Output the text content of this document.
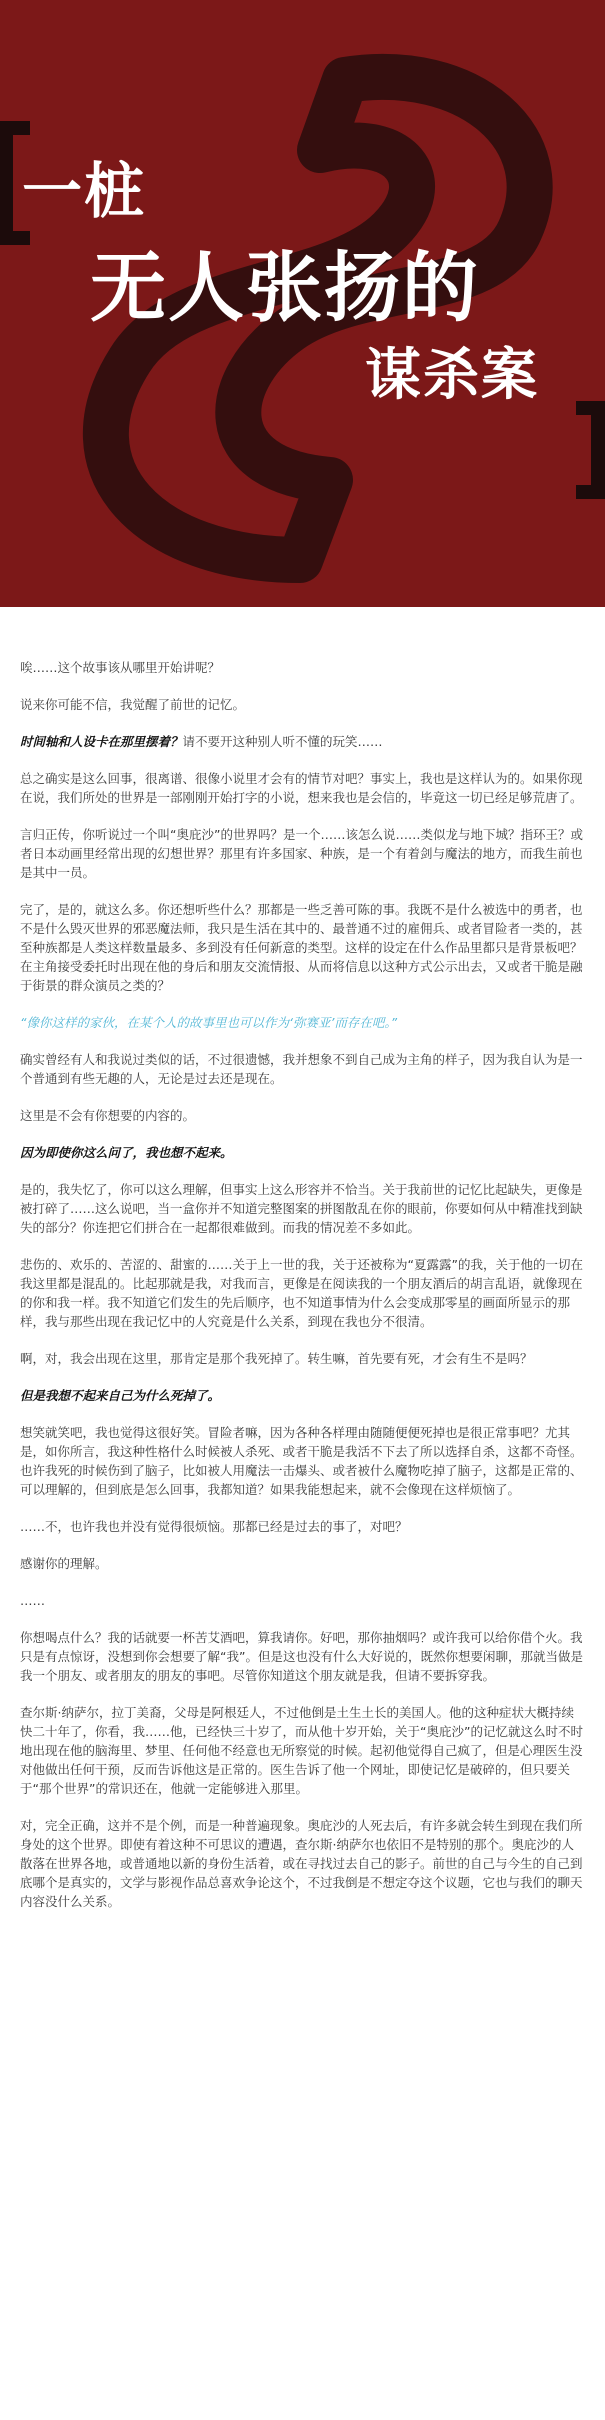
一桩
无人张扬的
谋杀案

唉……这个故事该从哪里开始讲呢？

说来你可能不信，我觉醒了前世的记忆。

时间轴和人设卡在那里摆着？请不要开这种别人听不懂的玩笑……

总之确实是这么回事，很离谱、很像小说里才会有的情节对吧？事实上，我也是这样认为的。如果你现在说，我们所处的世界是一部刚刚开始打字的小说，想来我也是会信的，毕竟这一切已经足够荒唐了。

言归正传，你听说过一个叫“奥庇沙”的世界吗？是一个……该怎么说……类似龙与地下城？指环王？或者日本动画里经常出现的幻想世界？那里有许多国家、种族，是一个有着剑与魔法的地方，而我生前也是其中一员。

完了，是的，就这么多。你还想听些什么？那都是一些乏善可陈的事。我既不是什么被选中的勇者，也不是什么毁灭世界的邪恶魔法师，我只是生活在其中的、最普通不过的雇佣兵、或者冒险者一类的，甚至种族都是人类这样数量最多、多到没有任何新意的类型。这样的设定在什么作品里都只是背景板吧？在主角接受委托时出现在他的身后和朋友交流情报、从而将信息以这种方式公示出去，又或者干脆是融于街景的群众演员之类的？

“像你这样的家伙，在某个人的故事里也可以作为‘弥赛亚’而存在吧。”

确实曾经有人和我说过类似的话，不过很遗憾，我并想象不到自己成为主角的样子，因为我自认为是一个普通到有些无趣的人，无论是过去还是现在。

这里是不会有你想要的内容的。

因为即使你这么问了，我也想不起来。

是的，我失忆了，你可以这么理解，但事实上这么形容并不恰当。关于我前世的记忆比起缺失，更像是被打碎了……这么说吧，当一盒你并不知道完整图案的拼图散乱在你的眼前，你要如何从中精准找到缺失的部分？你连把它们拼合在一起都很难做到。而我的情况差不多如此。

悲伤的、欢乐的、苦涩的、甜蜜的……关于上一世的我，关于还被称为“夏露露”的我，关于他的一切在我这里都是混乱的。比起那就是我，对我而言，更像是在阅读我的一个朋友酒后的胡言乱语，就像现在的你和我一样。我不知道它们发生的先后顺序，也不知道事情为什么会变成那零星的画面所显示的那样，我与那些出现在我记忆中的人究竟是什么关系，到现在我也分不很清。

啊，对，我会出现在这里，那肯定是那个我死掉了。转生嘛，首先要有死，才会有生不是吗？

但是我想不起来自己为什么死掉了。

想笑就笑吧，我也觉得这很好笑。冒险者嘛，因为各种各样理由随随便便死掉也是很正常事吧？尤其是，如你所言，我这种性格什么时候被人杀死、或者干脆是我活不下去了所以选择自杀，这都不奇怪。也许我死的时候伤到了脑子，比如被人用魔法一击爆头、或者被什么魔物吃掉了脑子，这都是正常的、可以理解的，但到底是怎么回事，我都知道？如果我能想起来，就不会像现在这样烦恼了。

……不，也许我也并没有觉得很烦恼。那都已经是过去的事了，对吧？

感谢你的理解。

……

你想喝点什么？我的话就要一杯苦艾酒吧，算我请你。好吧，那你抽烟吗？或许我可以给你借个火。我只是有点惊讶，没想到你会想要了解“我”。但是这也没有什么大好说的，既然你想要闲聊，那就当做是我一个朋友、或者朋友的朋友的事吧。尽管你知道这个朋友就是我，但请不要拆穿我。

查尔斯·纳萨尔，拉丁美裔，父母是阿根廷人，不过他倒是土生土长的美国人。他的这种症状大概持续快二十年了，你看，我……他，已经快三十岁了，而从他十岁开始，关于“奥庇沙”的记忆就这么时不时地出现在他的脑海里、梦里、任何他不经意也无所察觉的时候。起初他觉得自己疯了，但是心理医生没对他做出任何干预，反而告诉他这是正常的。医生告诉了他一个网址，即使记忆是破碎的，但只要关于“那个世界”的常识还在，他就一定能够进入那里。

对，完全正确，这并不是个例，而是一种普遍现象。奥庇沙的人死去后，有许多就会转生到现在我们所身处的这个世界。即使有着这种不可思议的遭遇，查尔斯·纳萨尔也依旧不是特别的那个。奥庇沙的人散落在世界各地，或普通地以新的身份生活着，或在寻找过去自己的影子。前世的自己与今生的自己到底哪个是真实的，文学与影视作品总喜欢争论这个，不过我倒是不想定夺这个议题，它也与我们的聊天内容没什么关系。
